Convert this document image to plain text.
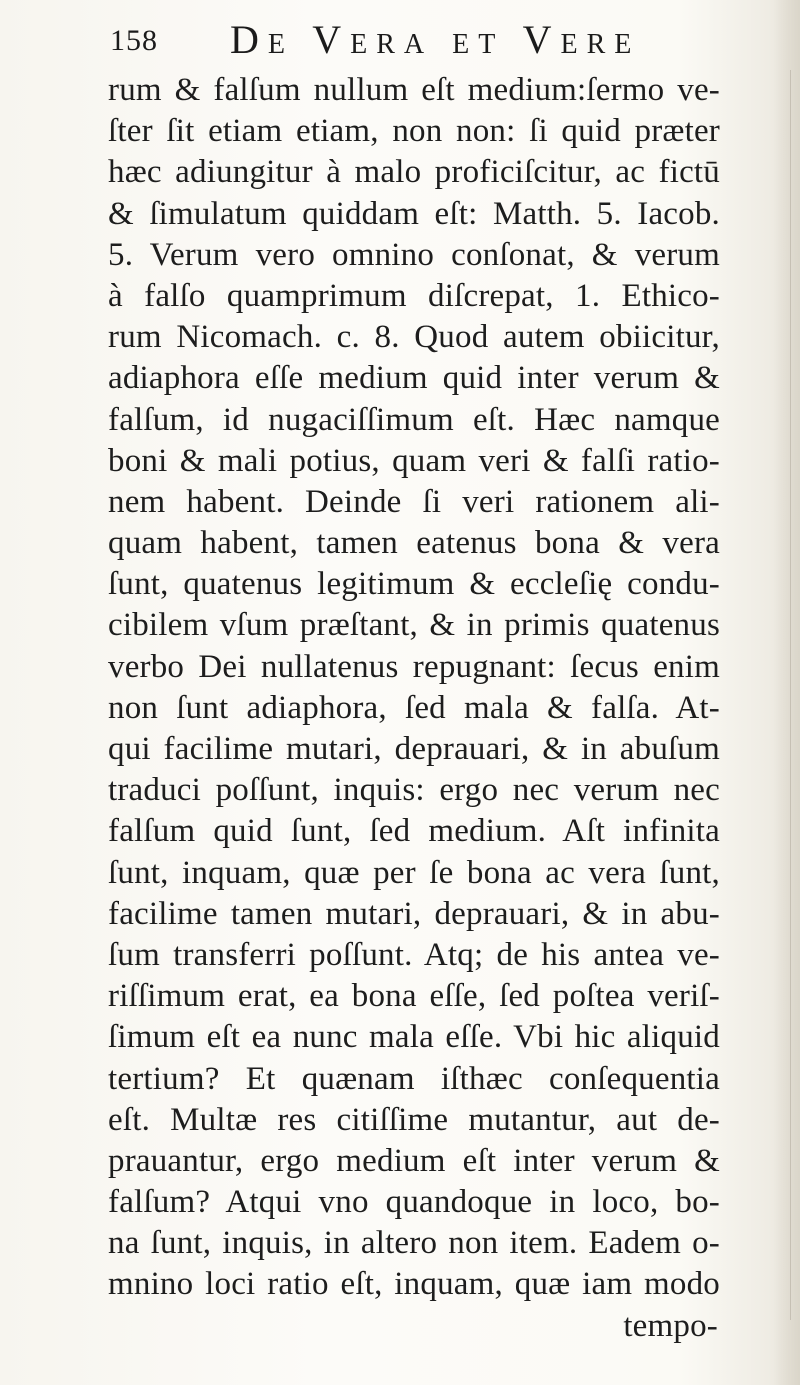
158 De Vera et Vere
rum & falſum nullum eſt medium:ſermo ve-
ſter ſit etiam etiam, non non: ſi quid præter
hæc adiungitur à malo proficiſcitur, ac fictū
& ſimulatum quiddam eſt: Matth. 5. Iacob.
5. Verum vero omnino conſonat, & verum
à falſo quamprimum diſcrepat, 1. Ethico-
rum Nicomach. c. 8. Quod autem obiicitur,
adiaphora eſſe medium quid inter verum &
falſum, id nugaciſſimum eſt. Hæc namque
boni & mali potius, quam veri & falſi ratio-
nem habent. Deinde ſi veri rationem ali-
quam habent, tamen eatenus bona & vera
ſunt, quatenus legitimum & eccleſię condu-
cibilem vſum præſtant, & in primis quatenus
verbo Dei nullatenus repugnant: ſecus enim
non ſunt adiaphora, ſed mala & falſa. At-
qui facilime mutari, deprauari, & in abuſum
traduci poſſunt, inquis: ergo nec verum nec
falſum quid ſunt, ſed medium. Aſt infinita
ſunt, inquam, quæ per ſe bona ac vera ſunt,
facilime tamen mutari, deprauari, & in abu-
ſum transferri poſſunt. Atq; de his antea ve-
riſſimum erat, ea bona eſſe, ſed poſtea veriſ-
ſimum eſt ea nunc mala eſſe. Vbi hic aliquid
tertium? Et quænam iſthæc conſequentia
eſt. Multæ res citiſſime mutantur, aut de-
prauantur, ergo medium eſt inter verum &
falſum? Atqui vno quandoque in loco, bo-
na ſunt, inquis, in altero non item. Eadem o-
mnino loci ratio eſt, inquam, quæ iam modo
tempo-
